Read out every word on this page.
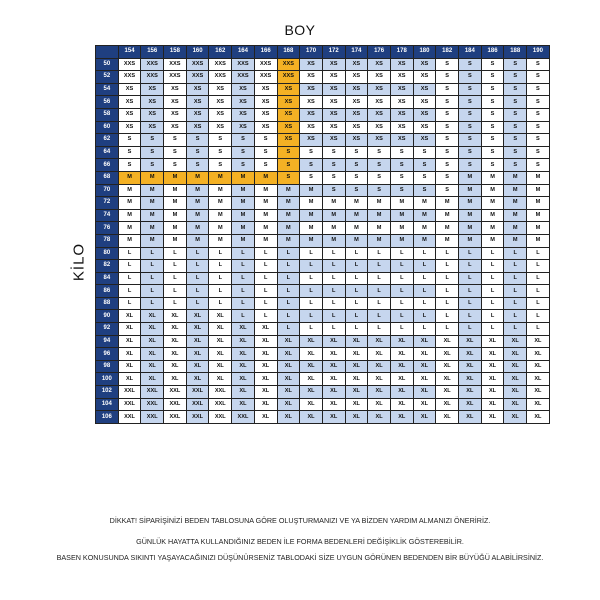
BOY
KİLO
	154	156	158	160	162	164	166	168	170	172	174	176	178	180	182	184	186	188	190
50	XXS	XXS	XXS	XXS	XXS	XXS	XXS	XXS	XS	XS	XS	XS	XS	XS	S	S	S	S	S
52	XXS	XXS	XXS	XXS	XXS	XXS	XXS	XXS	XS	XS	XS	XS	XS	XS	S	S	S	S	S
54	XS	XS	XS	XS	XS	XS	XS	XS	XS	XS	XS	XS	XS	XS	S	S	S	S	S
56	XS	XS	XS	XS	XS	XS	XS	XS	XS	XS	XS	XS	XS	XS	S	S	S	S	S
58	XS	XS	XS	XS	XS	XS	XS	XS	XS	XS	XS	XS	XS	XS	S	S	S	S	S
60	XS	XS	XS	XS	XS	XS	XS	XS	XS	XS	XS	XS	XS	XS	S	S	S	S	S
62	S	S	S	S	S	S	S	XS	XS	XS	XS	XS	XS	XS	S	S	S	S	S
64	S	S	S	S	S	S	S	S	S	S	S	S	S	S	S	S	S	S	S
66	S	S	S	S	S	S	S	S	S	S	S	S	S	S	S	S	S	S	S
68	M	M	M	M	M	M	M	S	S	S	S	S	S	S	S	M	M	M	M
70	M	M	M	M	M	M	M	M	M	S	S	S	S	S	S	M	M	M	M
72	M	M	M	M	M	M	M	M	M	M	M	M	M	M	M	M	M	M	M
74	M	M	M	M	M	M	M	M	M	M	M	M	M	M	M	M	M	M	M
76	M	M	M	M	M	M	M	M	M	M	M	M	M	M	M	M	M	M	M
78	M	M	M	M	M	M	M	M	M	M	M	M	M	M	M	M	M	M	M
80	L	L	L	L	L	L	L	L	L	L	L	L	L	L	L	L	L	L	L
82	L	L	L	L	L	L	L	L	L	L	L	L	L	L	L	L	L	L	L
84	L	L	L	L	L	L	L	L	L	L	L	L	L	L	L	L	L	L	L
86	L	L	L	L	L	L	L	L	L	L	L	L	L	L	L	L	L	L	L
88	L	L	L	L	L	L	L	L	L	L	L	L	L	L	L	L	L	L	L
90	XL	XL	XL	XL	XL	L	L	L	L	L	L	L	L	L	L	L	L	L	L
92	XL	XL	XL	XL	XL	XL	XL	L	L	L	L	L	L	L	L	L	L	L	L
94	XL	XL	XL	XL	XL	XL	XL	XL	XL	XL	XL	XL	XL	XL	XL	XL	XL	XL	XL
96	XL	XL	XL	XL	XL	XL	XL	XL	XL	XL	XL	XL	XL	XL	XL	XL	XL	XL	XL
98	XL	XL	XL	XL	XL	XL	XL	XL	XL	XL	XL	XL	XL	XL	XL	XL	XL	XL	XL
100	XL	XL	XL	XL	XL	XL	XL	XL	XL	XL	XL	XL	XL	XL	XL	XL	XL	XL	XL
102	XXL	XXL	XXL	XXL	XXL	XL	XL	XL	XL	XL	XL	XL	XL	XL	XL	XL	XL	XL	XL
104	XXL	XXL	XXL	XXL	XXL	XL	XL	XL	XL	XL	XL	XL	XL	XL	XL	XL	XL	XL	XL
106	XXL	XXL	XXL	XXL	XXL	XXL	XL	XL	XL	XL	XL	XL	XL	XL	XL	XL	XL	XL	XL
DİKKAT! SİPARİŞİNİZİ BEDEN TABLOSUNA GÖRE OLUŞTURMANIZI VE YA BİZDEN YARDIM ALMANIZI ÖNERİRİZ.
GÜNLÜK HAYATTA KULLANDIĞINIZ BEDEN İLE FORMA BEDENLERİ DEĞİŞİKLİK GÖSTEREBİLİR.
BASEN KONUSUNDA SIKINTI YAŞAYACAĞINIZI DÜŞÜNÜRSENİZ TABLODAKİ SİZE UYGUN GÖRÜNEN BEDENDEN BİR BÜYÜĞÜ ALABİLİRSİNİZ.
